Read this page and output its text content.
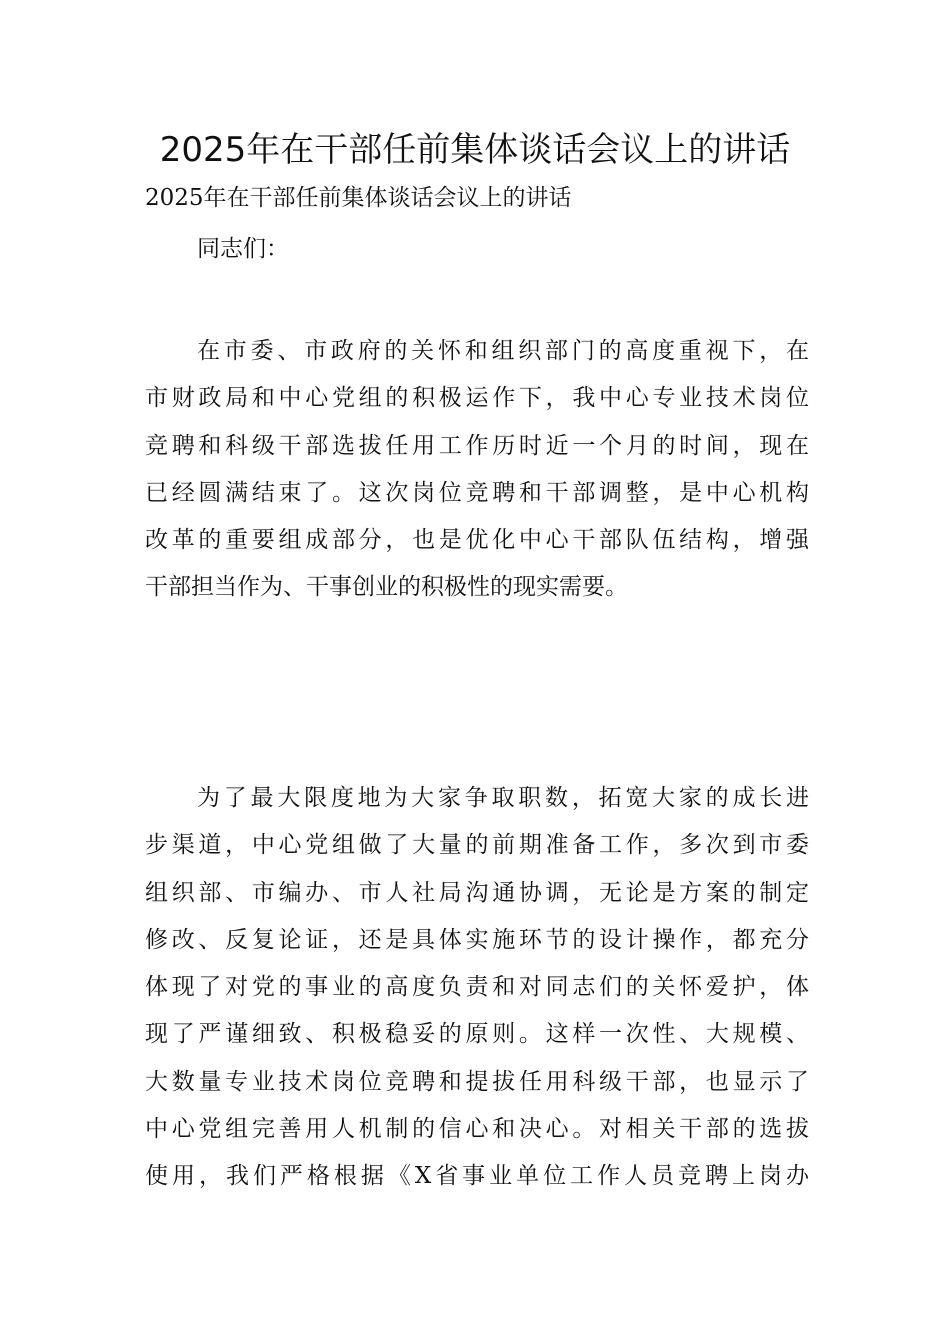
2025年在干部任前集体谈话会议上的讲话
2025年在干部任前集体谈话会议上的讲话
同志们：
在市委、市政府的关怀和组织部门的高度重视下，在
市财政局和中心党组的积极运作下，我中心专业技术岗位
竞聘和科级干部选拔任用工作历时近一个月的时间，现在
已经圆满结束了。这次岗位竞聘和干部调整，是中心机构
改革的重要组成部分，也是优化中心干部队伍结构，增强
干部担当作为、干事创业的积极性的现实需要。
为了最大限度地为大家争取职数，拓宽大家的成长进
步渠道，中心党组做了大量的前期准备工作，多次到市委
组织部、市编办、市人社局沟通协调，无论是方案的制定
修改、反复论证，还是具体实施环节的设计操作，都充分
体现了对党的事业的高度负责和对同志们的关怀爱护，体
现了严谨细致、积极稳妥的原则。这样一次性、大规模、
大数量专业技术岗位竞聘和提拔任用科级干部，也显示了
中心党组完善用人机制的信心和决心。对相关干部的选拔
使用，我们严格根据《X省事业单位工作人员竞聘上岗办
